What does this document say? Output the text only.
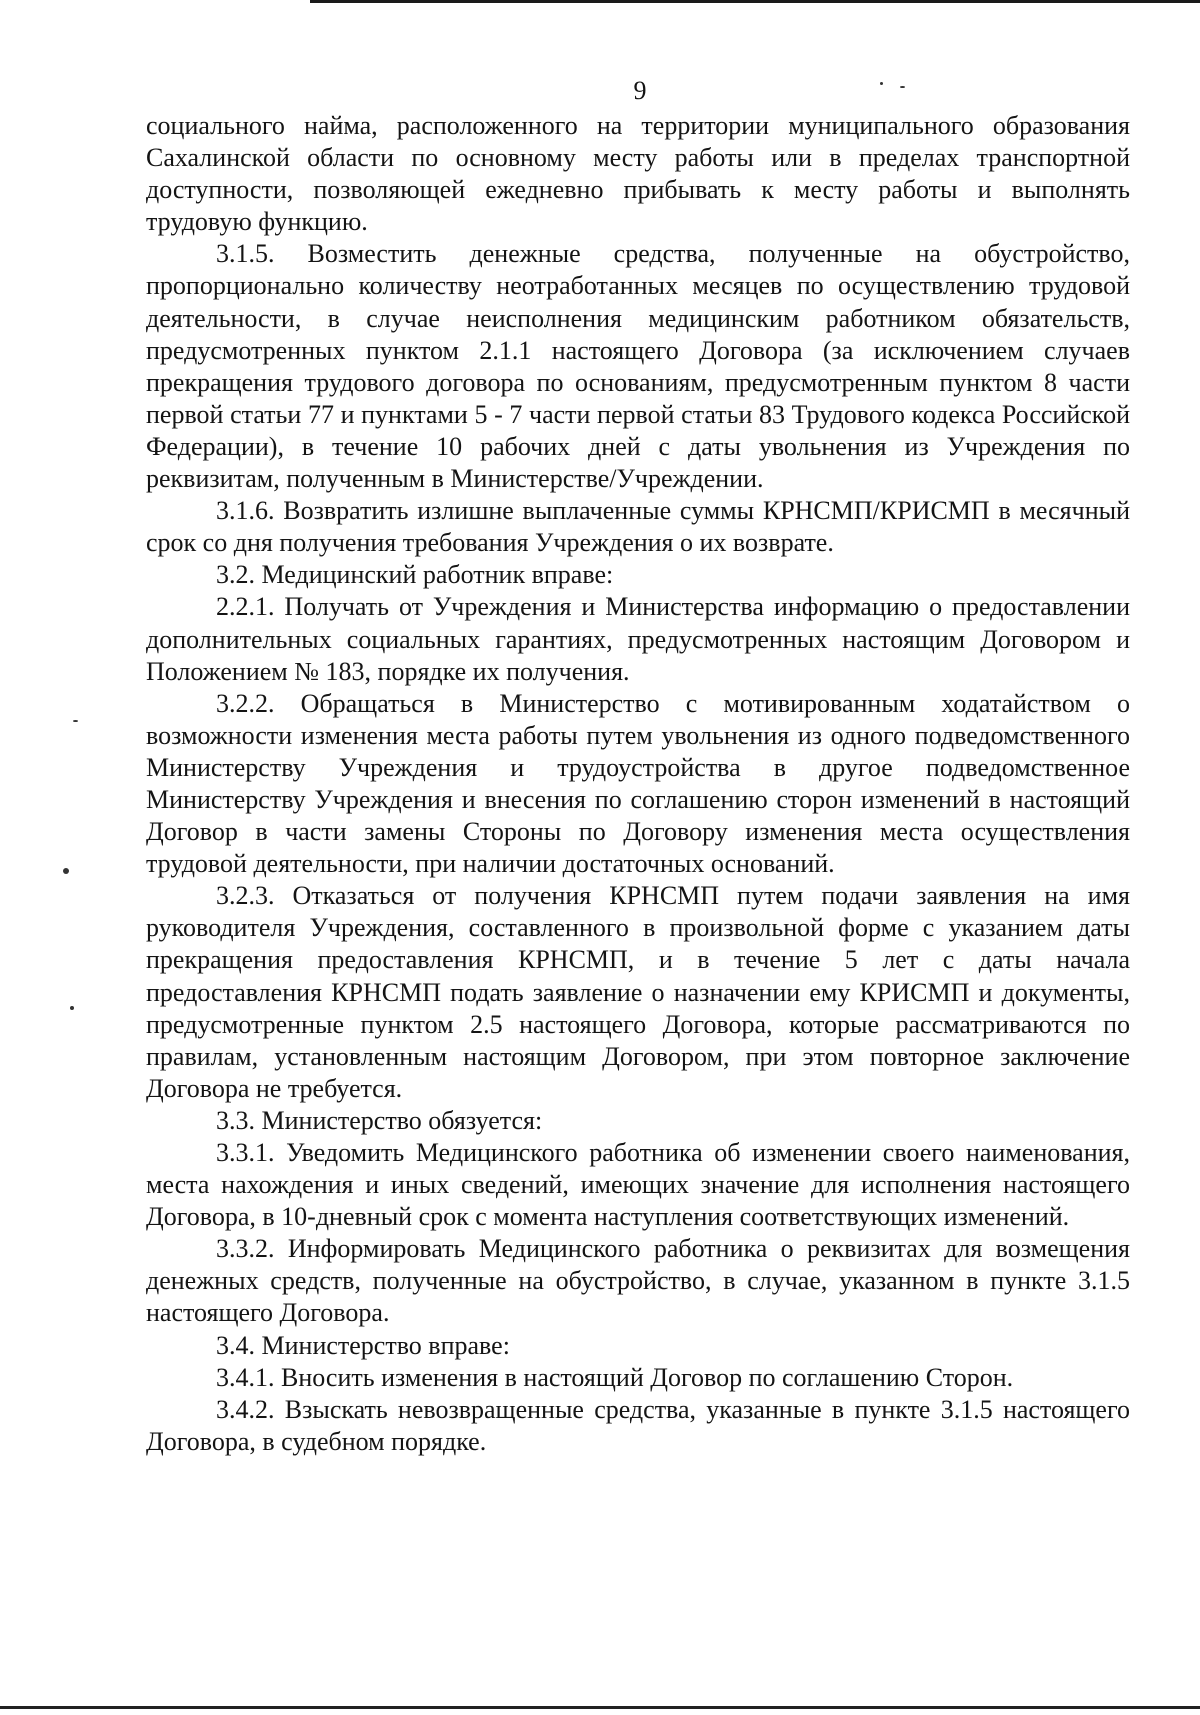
9

социального найма, расположенного на территории муниципального образования Сахалинской области по основному месту работы или в пределах транспортной доступности, позволяющей ежедневно прибывать к месту работы и выполнять трудовую функцию.

3.1.5. Возместить денежные средства, полученные на обустройство, пропорционально количеству неотработанных месяцев по осуществлению трудовой деятельности, в случае неисполнения медицинским работником обязательств, предусмотренных пунктом 2.1.1 настоящего Договора (за исключением случаев прекращения трудового договора по основаниям, предусмотренным пунктом 8 части первой статьи 77 и пунктами 5 - 7 части первой статьи 83 Трудового кодекса Российской Федерации), в течение 10 рабочих дней с даты увольнения из Учреждения по реквизитам, полученным в Министерстве/Учреждении.

3.1.6. Возвратить излишне выплаченные суммы КРНСМП/КРИСМП в месячный срок со дня получения требования Учреждения о их возврате.

3.2. Медицинский работник вправе:

2.2.1. Получать от Учреждения и Министерства информацию о предоставлении дополнительных социальных гарантиях, предусмотренных настоящим Договором и Положением № 183, порядке их получения.

3.2.2. Обращаться в Министерство с мотивированным ходатайством о возможности изменения места работы путем увольнения из одного подведомственного Министерству Учреждения и трудоустройства в другое подведомственное Министерству Учреждения и внесения по соглашению сторон изменений в настоящий Договор в части замены Стороны по Договору изменения места осуществления трудовой деятельности, при наличии достаточных оснований.

3.2.3. Отказаться от получения КРНСМП путем подачи заявления на имя руководителя Учреждения, составленного в произвольной форме с указанием даты прекращения предоставления КРНСМП, и в течение 5 лет с даты начала предоставления КРНСМП подать заявление о назначении ему КРИСМП и документы, предусмотренные пунктом 2.5 настоящего Договора, которые рассматриваются по правилам, установленным настоящим Договором, при этом повторное заключение Договора не требуется.

3.3. Министерство обязуется:

3.3.1. Уведомить Медицинского работника об изменении своего наименования, места нахождения и иных сведений, имеющих значение для исполнения настоящего Договора, в 10-дневный срок с момента наступления соответствующих изменений.

3.3.2. Информировать Медицинского работника о реквизитах для возмещения денежных средств, полученные на обустройство, в случае, указанном в пункте 3.1.5 настоящего Договора.

3.4. Министерство вправе:

3.4.1. Вносить изменения в настоящий Договор по соглашению Сторон.

3.4.2. Взыскать невозвращенные средства, указанные в пункте 3.1.5 настоящего Договора, в судебном порядке.
